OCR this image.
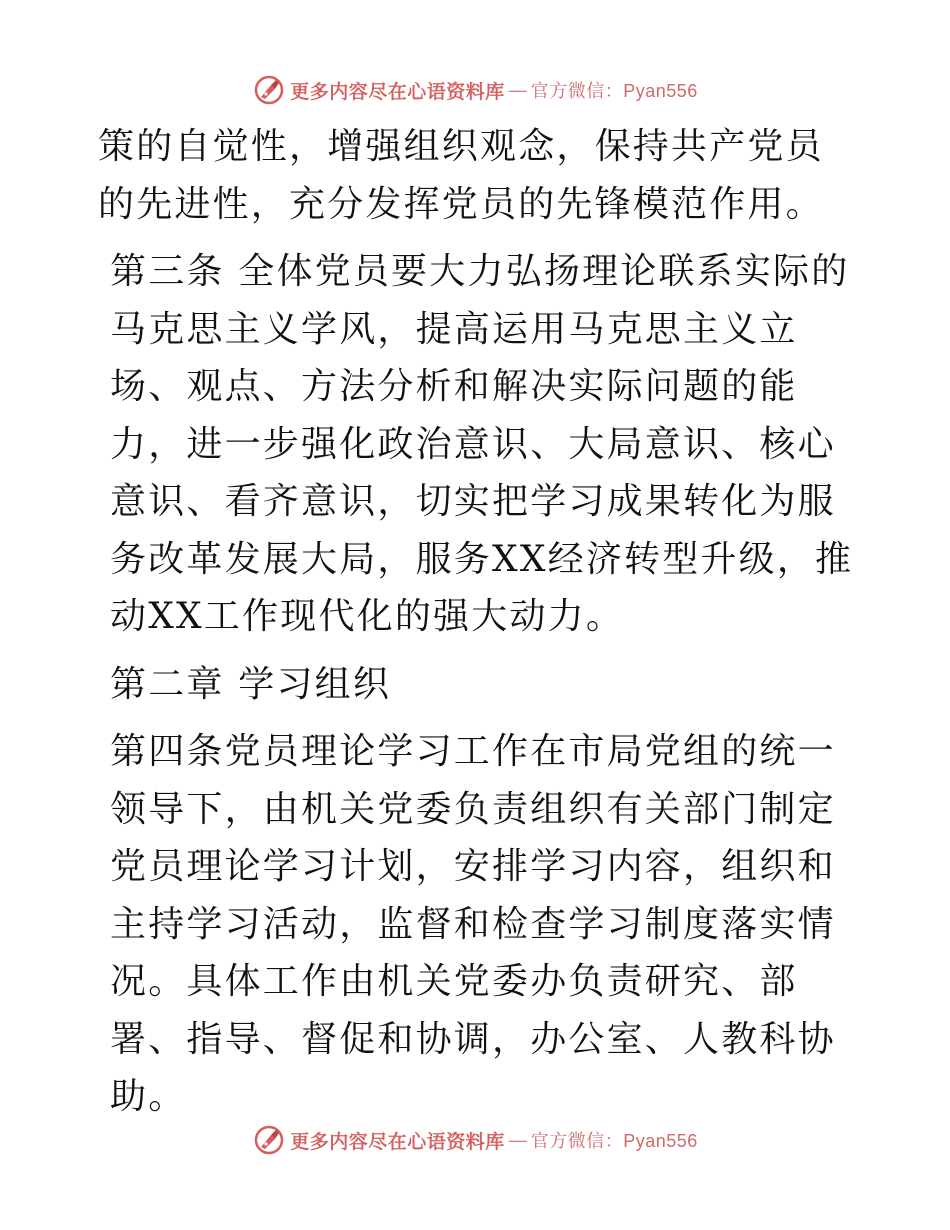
更多内容尽在心语资料库 — 官方微信：Pyan556

策的自觉性，增强组织观念，保持共产党员的先进性，充分发挥党员的先锋模范作用。

第三条 全体党员要大力弘扬理论联系实际的马克思主义学风，提高运用马克思主义立场、观点、方法分析和解决实际问题的能力，进一步强化政治意识、大局意识、核心意识、看齐意识，切实把学习成果转化为服务改革发展大局，服务XX经济转型升级，推动XX工作现代化的强大动力。

第二章 学习组织

第四条党员理论学习工作在市局党组的统一领导下，由机关党委负责组织有关部门制定党员理论学习计划，安排学习内容，组织和主持学习活动，监督和检查学习制度落实情况。具体工作由机关党委办负责研究、部署、指导、督促和协调，办公室、人教科协助。

更多内容尽在心语资料库 — 官方微信：Pyan556
